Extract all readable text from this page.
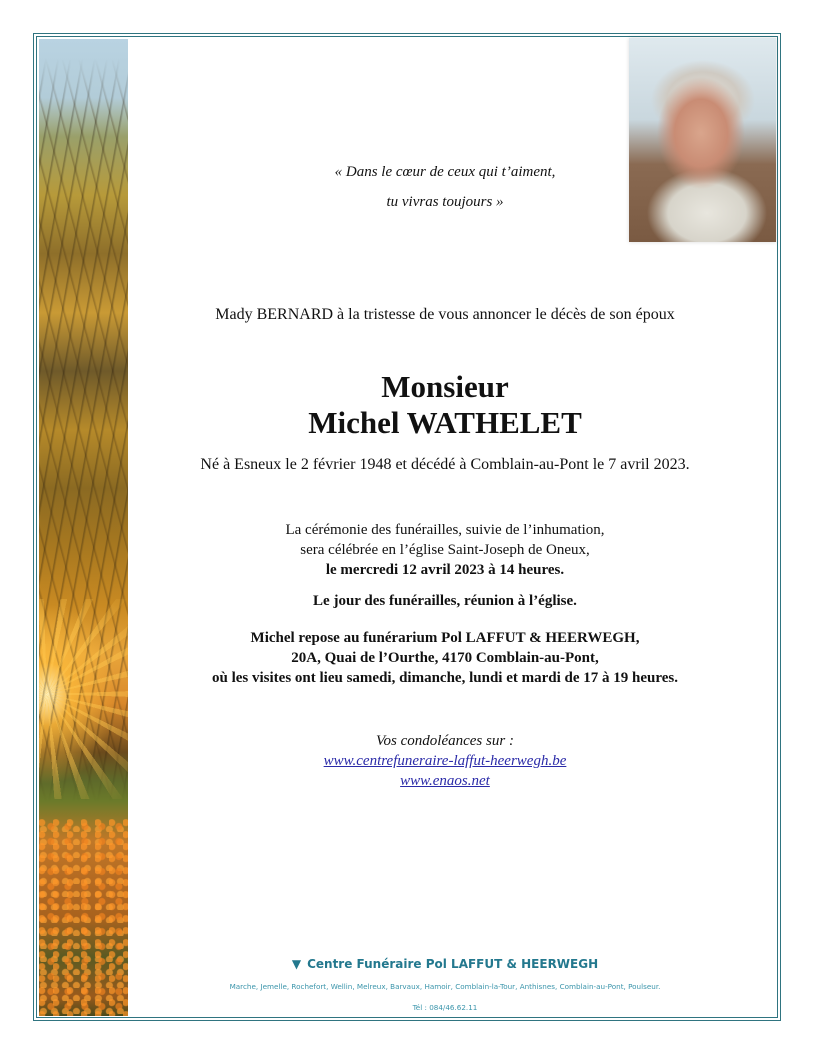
« Dans le cœur de ceux qui t’aiment,
tu vivras toujours »
Mady BERNARD à la tristesse de vous annoncer le décès de son époux
Monsieur
Michel WATHELET
Né à Esneux le 2 février 1948 et décédé à Comblain-au-Pont le 7 avril 2023.
La cérémonie des funérailles, suivie de l’inhumation,
sera célébrée en l’église Saint-Joseph de Oneux,
le mercredi 12 avril 2023 à 14 heures.
Le jour des funérailles, réunion à l’église.
Michel repose au funérarium Pol LAFFUT & HEERWEGH,
20A, Quai de l’Ourthe, 4170 Comblain-au-Pont,
où les visites ont lieu samedi, dimanche, lundi et mardi de 17 à 19 heures.
Vos condoléances sur :
www.centrefuneraire-laffut-heerwegh.be
www.enaos.net
▼ Centre Funéraire Pol LAFFUT & HEERWEGH
Marche, Jemelle, Rochefort, Wellin, Melreux, Barvaux, Hamoir, Comblain-la-Tour, Anthisnes, Comblain-au-Pont, Poulseur.
Tél : 084/46.62.11
